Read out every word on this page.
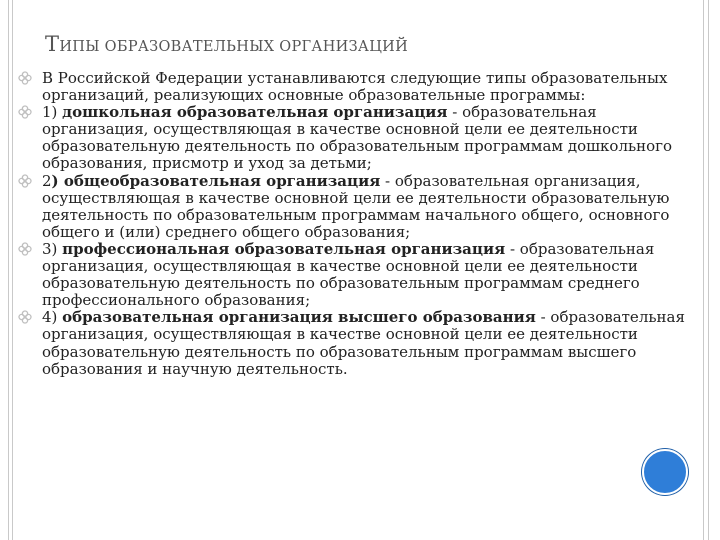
ТИПЫ ОБРАЗОВАТЕЛЬНЫХ ОРГАНИЗАЦИЙ
В Российской Федерации устанавливаются следующие типы образовательных организаций, реализующих основные образовательные программы:
1) дошкольная образовательная организация - образовательная организация, осуществляющая в качестве основной цели ее деятельности образовательную деятельность по образовательным программам дошкольного образования, присмотр и уход за детьми;
2) общеобразовательная организация - образовательная организация, осуществляющая в качестве основной цели ее деятельности образовательную деятельность по образовательным программам начального общего, основного общего и (или) среднего общего образования;
3) профессиональная образовательная организация - образовательная организация, осуществляющая в качестве основной цели ее деятельности образовательную деятельность по образовательным программам среднего профессионального образования;
4) образовательная организация высшего образования - образовательная организация, осуществляющая в качестве основной цели ее деятельности образовательную деятельность по образовательным программам высшего образования и научную деятельность.
